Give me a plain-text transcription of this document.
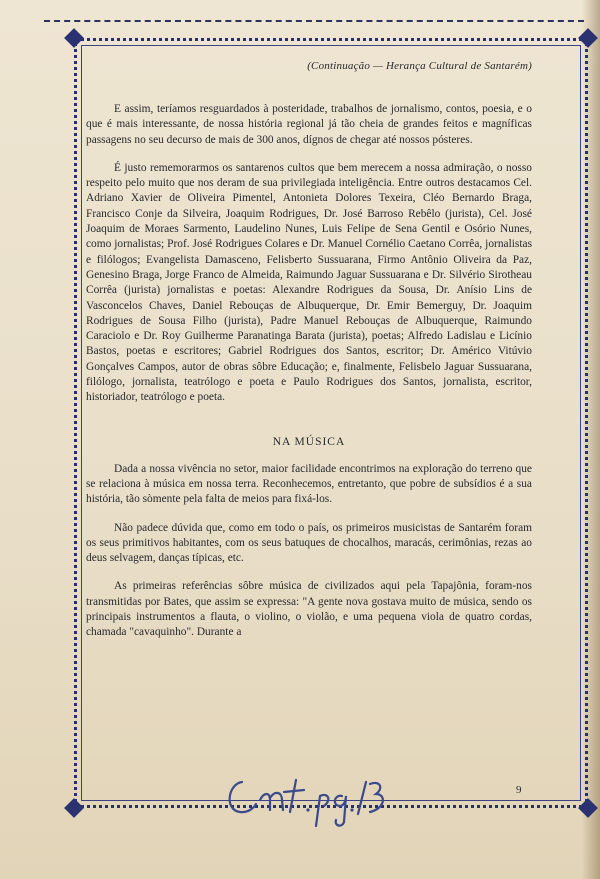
(Continuação — Herança Cultural de Santarém)

E assim, teríamos resguardados à posteridade, trabalhos de jornalismo, contos, poesia, e o que é mais interessante, de nossa história regional já tão cheia de grandes feitos e magníficas passagens no seu decurso de mais de 300 anos, dígnos de chegar até nossos pósteres.

É justo rememorarmos os santarenos cultos que bem merecem a nossa admiração, o nosso respeito pelo muito que nos deram de sua privilegiada inteligência. Entre outros destacamos Cel. Adriano Xavier de Oliveira Pimentel, Antonieta Dolores Texeira, Cléo Bernardo Braga, Francisco Conje da Silveira, Joaquim Rodrigues, Dr. José Barroso Rebêlo (jurista), Cel. José Joaquim de Moraes Sarmento, Laudelino Nunes, Luis Felipe de Sena Gentil e Osório Nunes, como jornalistas; Prof. José Rodrigues Colares e Dr. Manuel Cornélio Caetano Corrêa, jornalistas e filólogos; Evangelista Damasceno, Felisberto Sussuarana, Firmo Antônio Oliveira da Paz, Genesino Braga, Jorge Franco de Almeida, Raimundo Jaguar Sussuarana e Dr. Silvério Sirotheau Corrêa (jurista) jornalistas e poetas: Alexandre Rodrigues da Sousa, Dr. Anísio Lins de Vasconcelos Chaves, Daniel Rebouças de Albuquerque, Dr. Emir Bemerguy, Dr. Joaquim Rodrigues de Sousa Filho (jurista), Padre Manuel Rebouças de Albuquerque, Raimundo Caraciolo e Dr. Roy Guilherme Paranatinga Barata (jurista), poetas; Alfredo Ladislau e Licínio Bastos, poetas e escritores; Gabriel Rodrigues dos Santos, escritor; Dr. Américo Vitúvio Gonçalves Campos, autor de obras sôbre Educação; e, finalmente, Felisbelo Jaguar Sussuarana, filólogo, jornalista, teatrólogo e poeta e Paulo Rodrigues dos Santos, jornalista, escritor, historiador, teatrólogo e poeta.

NA MÚSICA

Dada a nossa vivência no setor, maior facilidade encontrimos na exploração do terreno que se relaciona à música em nossa terra. Reconhecemos, entretanto, que pobre de subsídios é a sua história, tão sòmente pela falta de meios para fixá-los.

Não padece dúvida que, como em todo o país, os primeiros musicistas de Santarém foram os seus primitivos habitantes, com os seus batuques de chocalhos, maracás, cerimônias, rezas ao deus selvagem, danças típicas, etc.

As primeiras referências sôbre música de civilizados aqui pela Tapajônia, foram-nos transmitidas por Bates, que assim se expressa: "A gente nova gostava muito de música, sendo os principais instrumentos a flauta, o violino, o violão, e uma pequena viola de quatro cordas, chamada "cavaquinho". Durante a

Cont. pg. 13
9
